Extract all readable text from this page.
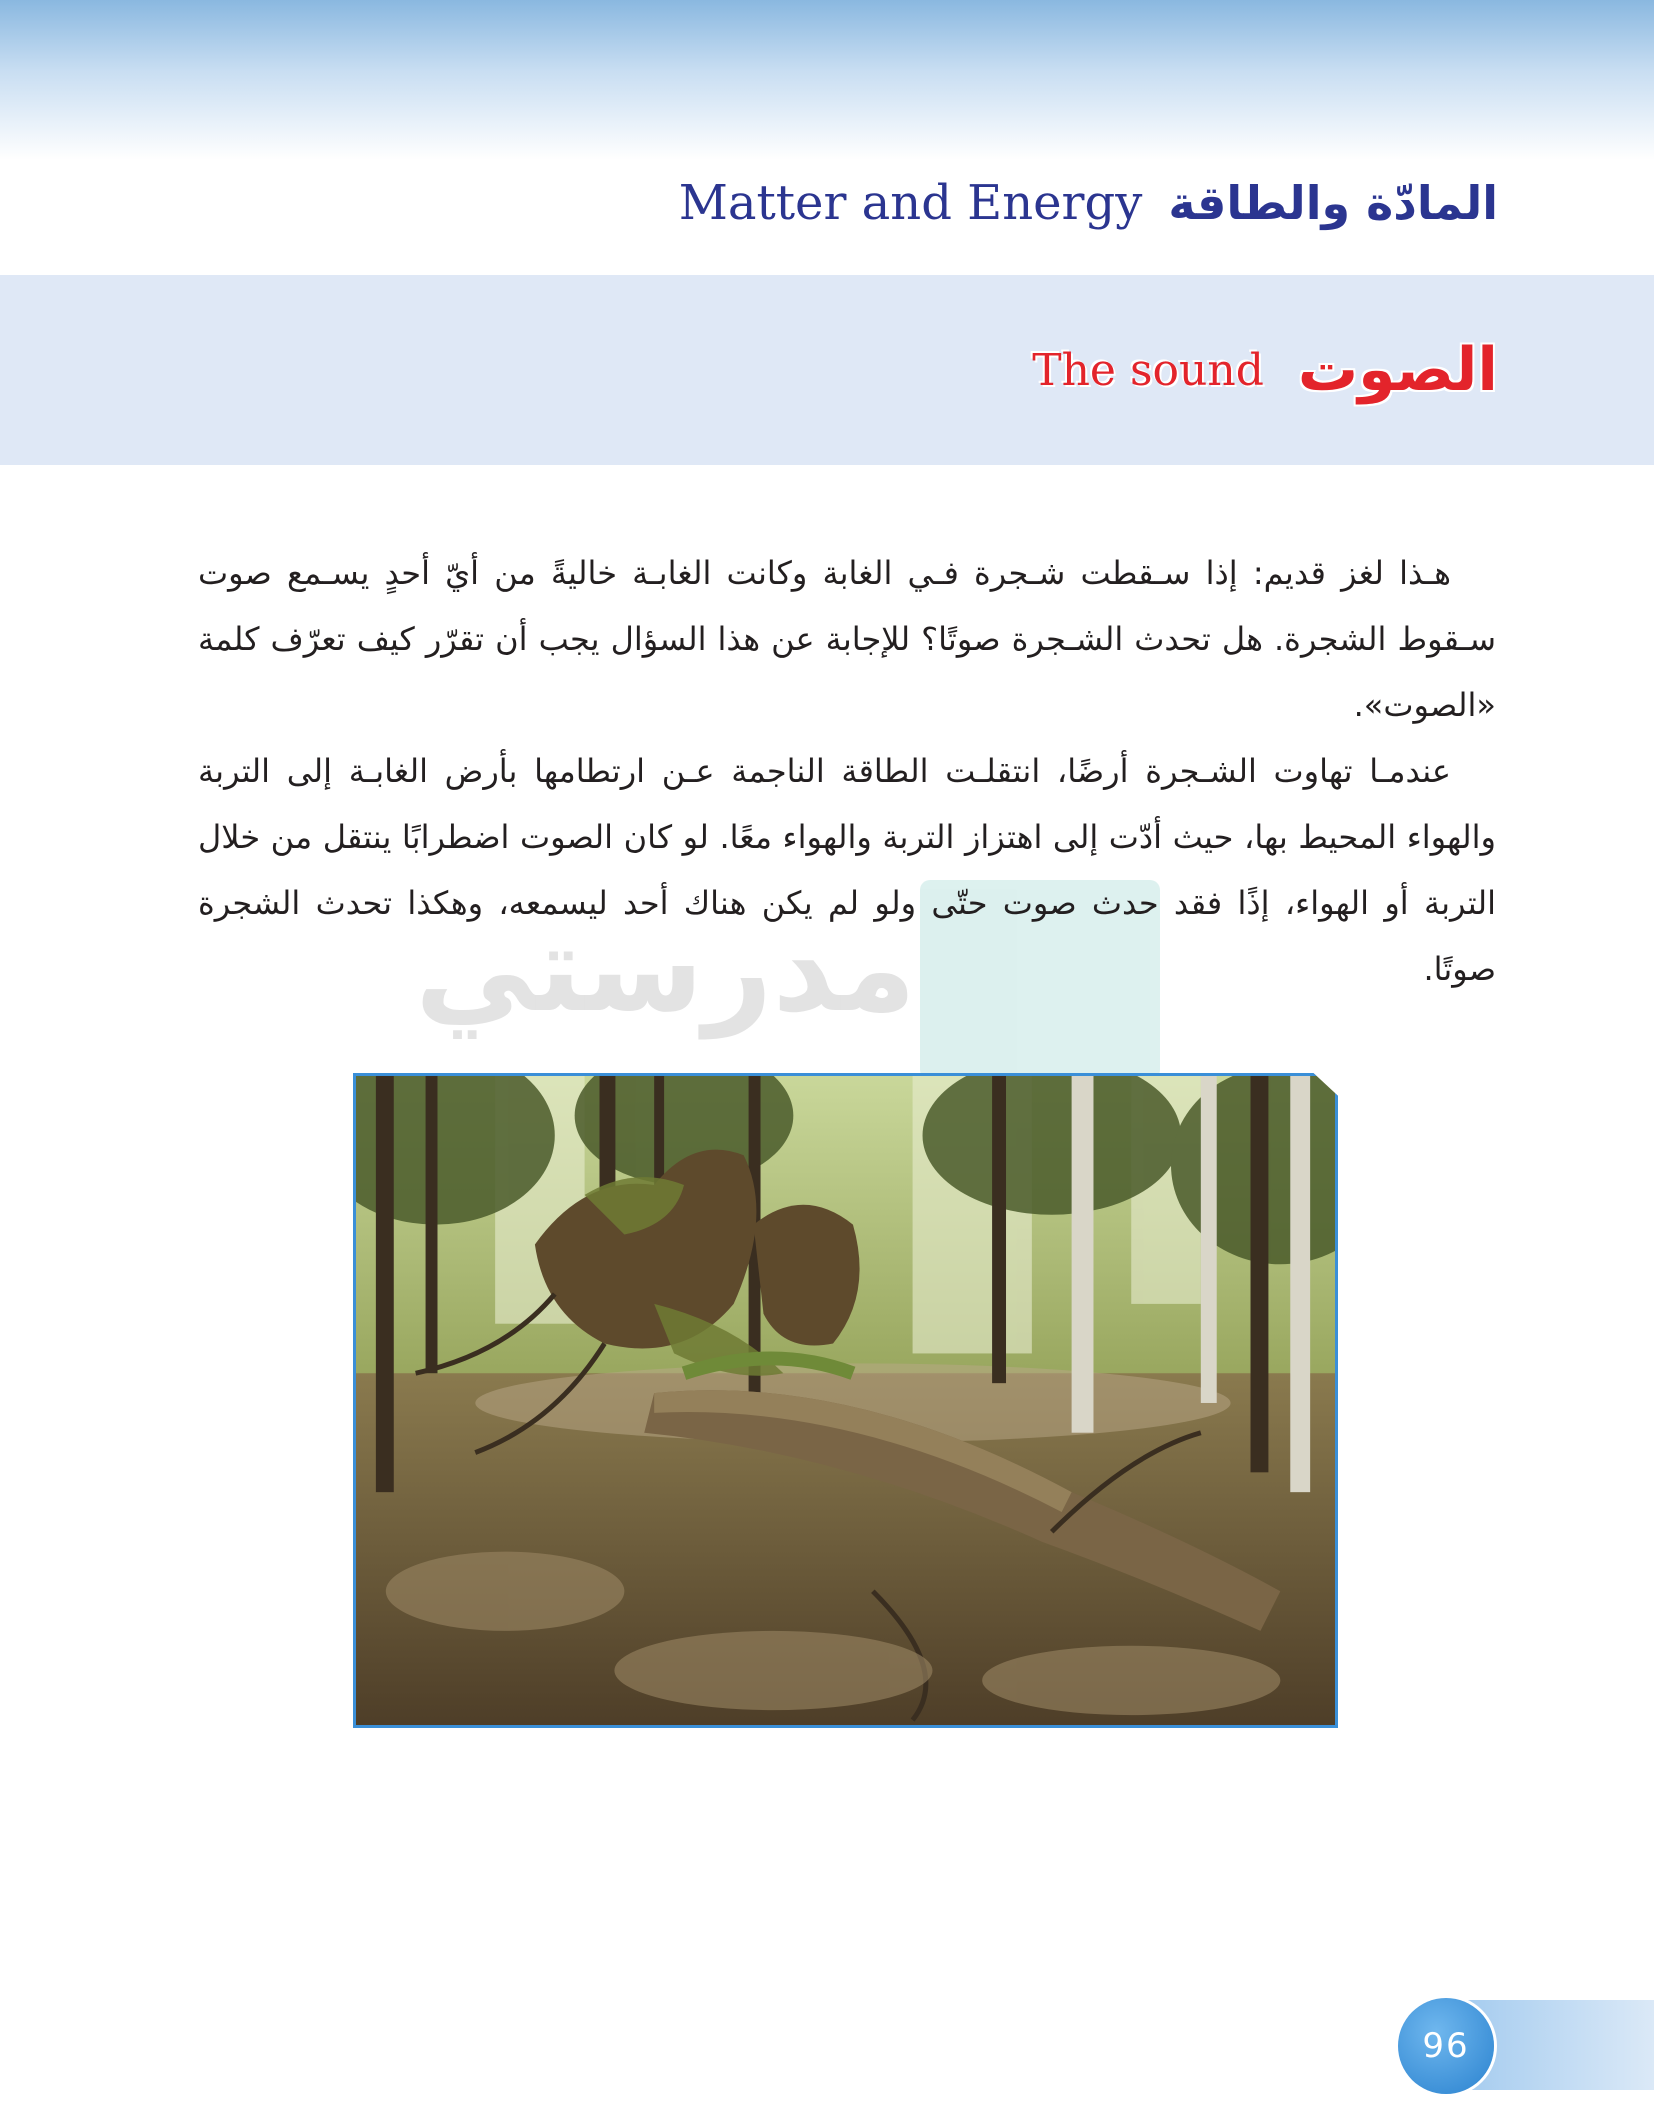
المادّة والطاقة
Matter and Energy
الصوت
The sound
مدرستي

هـذا لغز قديم: إذا سـقطت شـجرة فـي الغابة وكانت الغابـة خاليةً من أيّ أحدٍ يسـمع صوت سـقوط الشجرة. هل تحدث الشـجرة صوتًا؟ للإجابة عن هذا السؤال يجب أن تقرّر كيف تعرّف كلمة «الصوت».

عندمـا تهاوت الشـجرة أرضًا، انتقلـت الطاقة الناجمة عـن ارتطامها بأرض الغابـة إلى التربة والهواء المحيط بها، حيث أدّت إلى اهتزاز التربة والهواء معًا. لو كان الصوت اضطرابًا ينتقل من خلال التربة أو الهواء، إذًا فقد حدث صوت حتّى ولو لم يكن هناك أحد ليسمعه، وهكذا تحدث الشجرة صوتًا.

96
